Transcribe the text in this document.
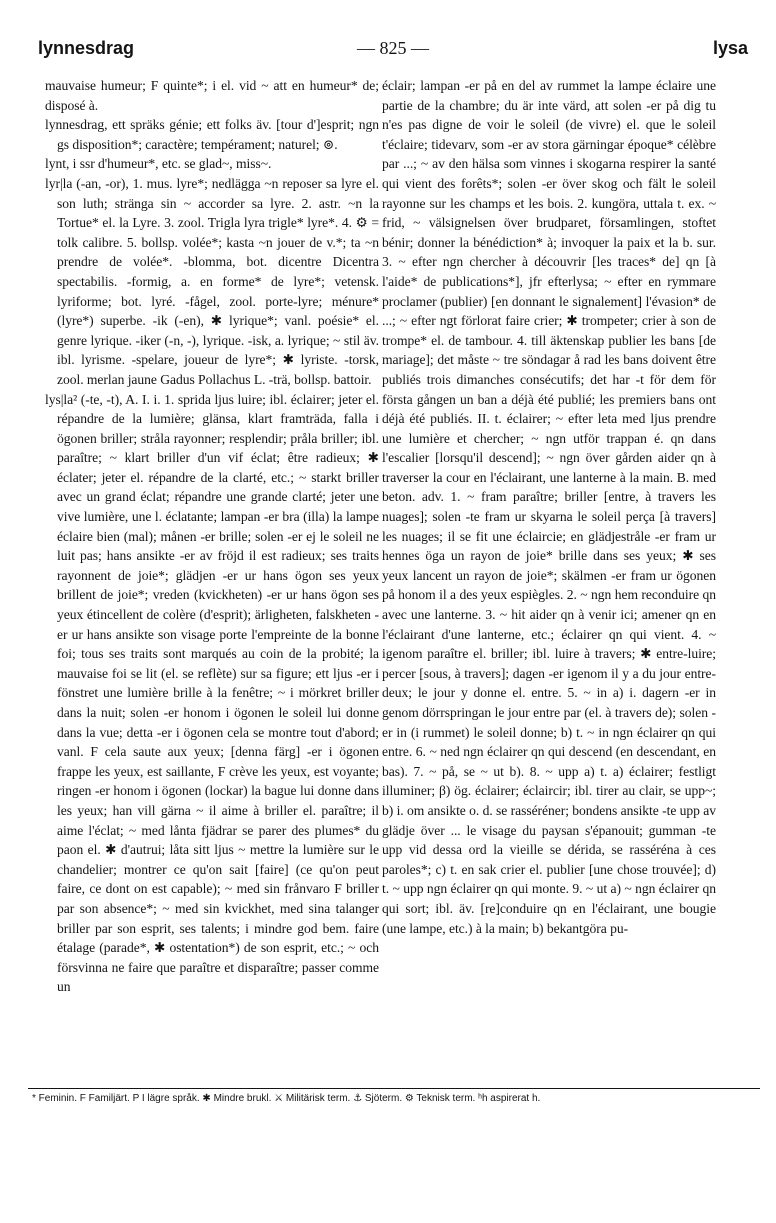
lynnesdrag	— 825 —	lysa

mauvaise humeur; F quinte*; i el. vid ~ att en humeur* de; disposé à.

lynnesdrag, ett spräks génie; ett folks äv. [tour d']esprit; ngn gs disposition*; caractère; tempérament; naturel; ⊚.

lynt, i ssr d'humeur*, etc. se glad~, miss~.

lyr|la (-an, -or), 1. mus. lyre*; nedlägga ~n reposer sa lyre el. son luth; stränga sin ~ accorder sa lyre. 2. astr. ~n la Tortue* el. la Lyre. 3. zool. Trigla lyra trigle* lyre*. 4. ⚙ = tolk calibre. 5. bollsp. volée*; kasta ~n jouer de v.*; ta ~n prendre de volée*. -blomma, bot. dicentre Dicentra spectabilis. -formig, a. en forme* de lyre*; vetensk. lyriforme; bot. lyré. -fågel, zool. porte-lyre; ménure* (lyre*) superbe. -ik (-en), ✱ lyrique*; vanl. poésie* el. genre lyrique. -iker (-n, -), lyrique. -isk, a. lyrique; ~ stil äv. ibl. lyrisme. -spelare, joueur de lyre*; ✱ lyriste. -torsk, zool. merlan jaune Gadus Pollachus L. -trä, bollsp. battoir.

lys|la² (-te, -t), A. I. i. 1. sprida ljus luire; ibl. éclairer; jeter el. répandre de la lumière; glänsa, klart framträda, falla i ögonen briller; stråla rayonner; resplendir; pråla briller; ibl. paraître; ~ klart briller d'un vif éclat; être radieux; ✱ éclater; jeter el. répandre de la clarté, etc.; ~ starkt briller avec un grand éclat; répandre une grande clarté; jeter une vive lumière, une l. éclatante; lampan -er bra (illa) la lampe éclaire bien (mal); månen -er brille; solen -er ej le soleil ne luit pas; hans ansikte -er av fröjd il est radieux; ses traits rayonnent de joie*; glädjen -er ur hans ögon ses yeux brillent de joie*; vreden (kvickheten) -er ur hans ögon ses yeux étincellent de colère (d'esprit); ärligheten, falskheten -er ur hans ansikte son visage porte l'empreinte de la bonne foi; tous ses traits sont marqués au coin de la probité; la mauvaise foi se lit (el. se reflète) sur sa figure; ett ljus -er i fönstret une lumière brille à la fenêtre; ~ i mörkret briller dans la nuit; solen -er honom i ögonen le soleil lui donne dans la vue; detta -er i ögonen cela se montre tout d'abord; vanl. F cela saute aux yeux; [denna färg] -er i ögonen frappe les yeux, est saillante, F crève les yeux, est voyante; ringen -er honom i ögonen (lockar) la bague lui donne dans les yeux; han vill gärna ~ il aime à briller el. paraître; il aime l'éclat; ~ med lånta fjädrar se parer des plumes* du paon el. ✱ d'autrui; låta sitt ljus ~ mettre la lumière sur le chandelier; montrer ce qu'on sait [faire] (ce qu'on peut faire, ce dont on est capable); ~ med sin frånvaro F briller par son absence*; ~ med sin kvickhet, med sina talanger briller par son esprit, ses talents; i mindre god bem. faire étalage (parade*, ✱ ostentation*) de son esprit, etc.; ~ och försvinna ne faire que paraître et disparaître; passer comme un

éclair; lampan -er på en del av rummet la lampe éclaire une partie de la chambre; du är inte värd, att solen -er på dig tu n'es pas digne de voir le soleil (de vivre) el. que le soleil t'éclaire; tidevarv, som -er av stora gärningar époque* célèbre par ...; ~ av den hälsa som vinnes i skogarna respirer la santé qui vient des forêts*; solen -er över skog och fält le soleil rayonne sur les champs et les bois. 2. kungöra, uttala t. ex. ~ frid, ~ välsignelsen över brudparet, församlingen, stoftet bénir; donner la bénédiction* à; invoquer la paix et la b. sur. 3. ~ efter ngn chercher à découvrir [les traces* de] qn [à l'aide* de publications*], jfr efterlysa; ~ efter en rymmare proclamer (publier) [en donnant le signalement] l'évasion* de ...; ~ efter ngt förlorat faire crier; ✱ trompeter; crier à son de trompe* el. de tambour. 4. till äktenskap publier les bans [de mariage]; det måste ~ tre söndagar å rad les bans doivent être publiés trois dimanches consécutifs; det har -t för dem för första gången un ban a déjà été publié; les premiers bans ont déjà été publiés. II. t. éclairer; ~ efter leta med ljus prendre une lumière et chercher; ~ ngn utför trappan é. qn dans l'escalier [lorsqu'il descend]; ~ ngn över gården aider qn à traverser la cour en l'éclairant, une lanterne à la main. B. med beton. adv. 1. ~ fram paraître; briller [entre, à travers les nuages]; solen -te fram ur skyarna le soleil perça [à travers] les nuages; il se fit une éclaircie; en glädjestråle -er fram ur hennes öga un rayon de joie* brille dans ses yeux; ✱ ses yeux lancent un rayon de joie*; skälmen -er fram ur ögonen på honom il a des yeux espiègles. 2. ~ ngn hem reconduire qn avec une lanterne. 3. ~ hit aider qn à venir ici; amener qn en l'éclairant d'une lanterne, etc.; éclairer qn qui vient. 4. ~ igenom paraître el. briller; ibl. luire à travers; ✱ entre-luire; percer [sous, à travers]; dagen -er igenom il y a du jour entre-deux; le jour y donne el. entre. 5. ~ in a) i. dagern -er in genom dörrspringan le jour entre par (el. à travers de); solen -er in (i rummet) le soleil donne; b) t. ~ in ngn éclairer qn qui entre. 6. ~ ned ngn éclairer qn qui descend (en descendant, en bas). 7. ~ på, se ~ ut b). 8. ~ upp a) t. a) éclairer; festligt illuminer; β) ög. éclairer; éclaircir; ibl. tirer au clair, se upp~; b) i. om ansikte o. d. se rasséréner; bondens ansikte -te upp av glädje över ... le visage du paysan s'épanouit; gumman -te upp vid dessa ord la vieille se dérida, se rasséréna à ces paroles*; c) t. en sak crier el. publier [une chose trouvée]; d) t. ~ upp ngn éclairer qn qui monte. 9. ~ ut a) ~ ngn éclairer qn qui sort; ibl. äv. [re]conduire qn en l'éclairant, une bougie (une lampe, etc.) à la main; b) bekantgöra pu-

* Feminin. F Familjärt. P I lägre språk. ✱ Mindre brukl. ⚔ Militärisk term. ⚓ Sjöterm. ⚙ Teknisk term. ʰh aspirerat h.
